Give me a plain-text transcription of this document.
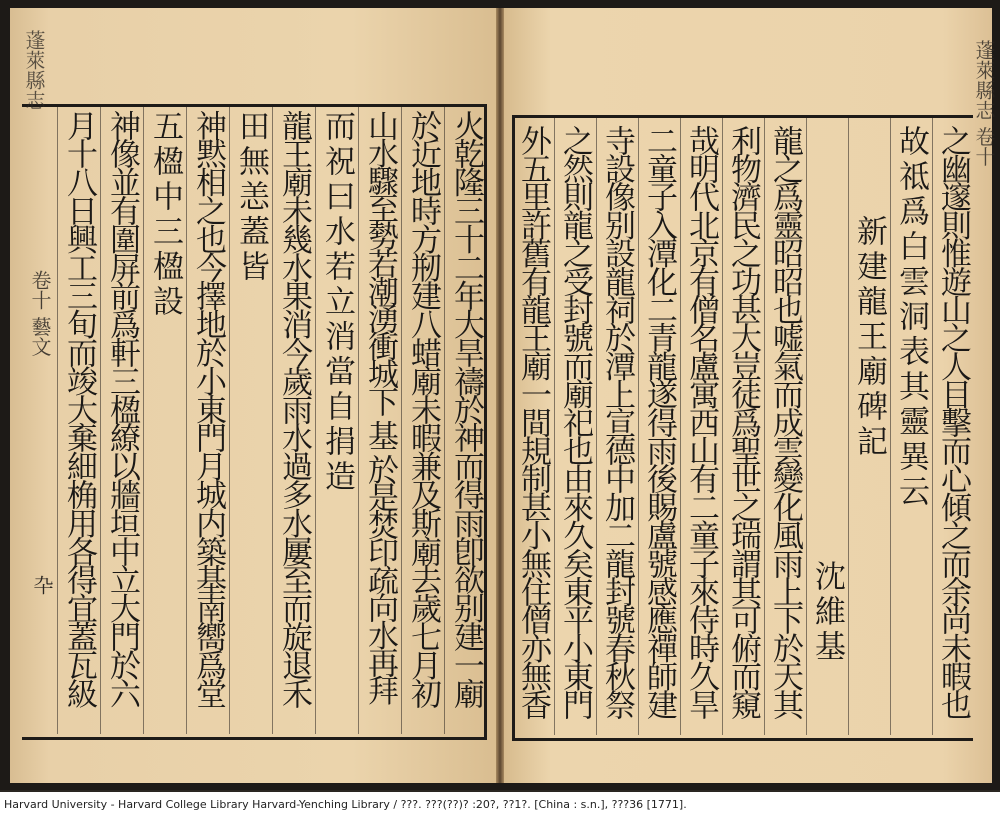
蓬萊縣志
卷十 藝文
卆	火乾隆三十二年大旱禱於神而得雨卽欲别建一廟
於近地時方剏建八蜡廟未暇兼及斯廟去歲七月初
山水驟至勢若潮湧衝城下 基 於是焚印疏向水再拜
而祝曰水若立消當自捐造
龍王廟未幾水果消今歲雨水過多水屢至而旋退禾
田無恙蓋皆
神黙相之也今擇地於小東門月城内築基南嚮爲堂
五楹中三楹設
神像並有圍屏前爲軒三楹繚以牆垣中立大門於六
月十八日興工三旬而竣大棄細桷用各得宜蓋瓦級
蓬萊縣志 卷十
之幽邃則惟遊山之人目擊而心傾之而余尚未暇也
故祗爲白雲洞表其靈異云
新建龍王廟碑記
沈維基
龍之爲靈昭昭也嘘氣而成雲變化風雨上下於天其
利物濟民之功甚大豈徒爲聖世之瑞謂其可俯而窺
哉明代北京有僧名盧寓西山有二童子來侍時久旱
二童子入潭化二青龍遂得雨後賜盧號感應禪師建
寺設像别設龍祠於潭上宣德中加二龍封號春秋祭
之然則龍之受封號而廟祀也由來久矣東平小東門
外五里許舊有龍王廟一間規制甚小無住僧亦無香
Harvard University - Harvard College Library Harvard-Yenching Library / ???. ???(??)? :20?, ??1?. [China : s.n.], ???36 [1771].
